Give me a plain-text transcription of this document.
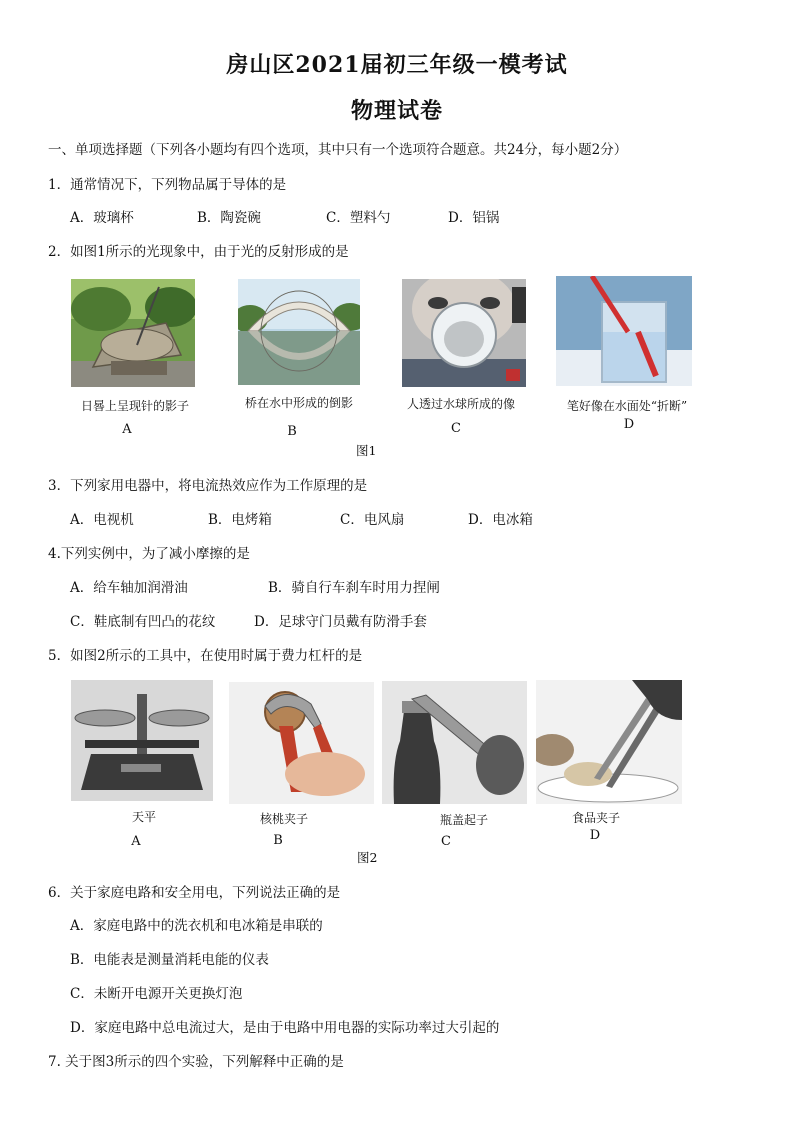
房山区2021届初三年级一模考试
物理试卷
一、单项选择题（下列各小题均有四个选项，其中只有一个选项符合题意。共24分，每小题2分）
1．通常情况下，下列物品属于导体的是
A．玻璃杯	B．陶瓷碗	C．塑料勺	D．铝锅
2．如图1所示的光现象中，由于光的反射形成的是
日晷上呈现针的影子	桥在水中形成的倒影	人透过水球所成的像	笔好像在水面处“折断”
A	B	C	D
图1
3．下列家用电器中，将电流热效应作为工作原理的是
A．电视机	B．电烤箱	C．电风扇	D．电冰箱
4.下列实例中，为了减小摩擦的是
A．给车轴加润滑油	B．骑自行车刹车时用力捏闸
C．鞋底制有凹凸的花纹	D．足球守门员戴有防滑手套
5．如图2所示的工具中，在使用时属于费力杠杆的是
天平	核桃夹子	瓶盖起子	食品夹子
A	B	C	D
图2
6．关于家庭电路和安全用电，下列说法正确的是
A．家庭电路中的洗衣机和电冰箱是串联的
B．电能表是测量消耗电能的仪表
C．未断开电源开关更换灯泡
D．家庭电路中总电流过大，是由于电路中用电器的实际功率过大引起的
7. 关于图3所示的四个实验，下列解释中正确的是
